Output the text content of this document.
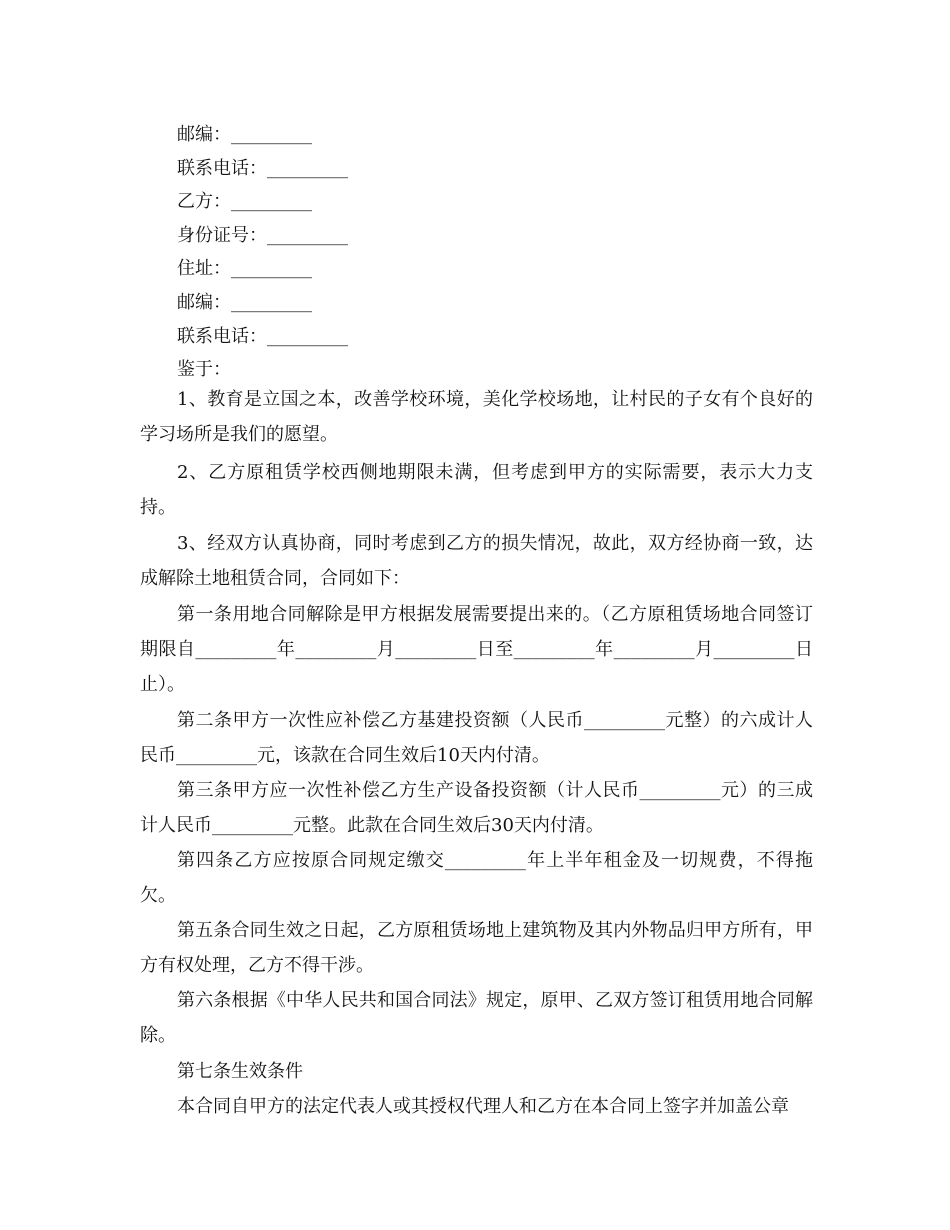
邮编：_________
联系电话：_________
乙方：_________
身份证号：_________
住址：_________
邮编：_________
联系电话：_________
鉴于：

1、教育是立国之本，改善学校环境，美化学校场地，让村民的子女有个良好的学习场所是我们的愿望。

2、乙方原租赁学校西侧地期限未满，但考虑到甲方的实际需要，表示大力支持。

3、经双方认真协商，同时考虑到乙方的损失情况，故此，双方经协商一致，达成解除土地租赁合同，合同如下：

第一条用地合同解除是甲方根据发展需要提出来的。（乙方原租赁场地合同签订期限自_________年_________月_________日至_________年_________月_________日止）。

第二条甲方一次性应补偿乙方基建投资额（人民币_________元整）的六成计人民币_________元，该款在合同生效后10天内付清。

第三条甲方应一次性补偿乙方生产设备投资额（计人民币_________元）的三成计人民币_________元整。此款在合同生效后30天内付清。

第四条乙方应按原合同规定缴交_________年上半年租金及一切规费，不得拖欠。

第五条合同生效之日起，乙方原租赁场地上建筑物及其内外物品归甲方所有，甲方有权处理，乙方不得干涉。

第六条根据《中华人民共和国合同法》规定，原甲、乙双方签订租赁用地合同解除。

第七条生效条件

本合同自甲方的法定代表人或其授权代理人和乙方在本合同上签字并加盖公章
